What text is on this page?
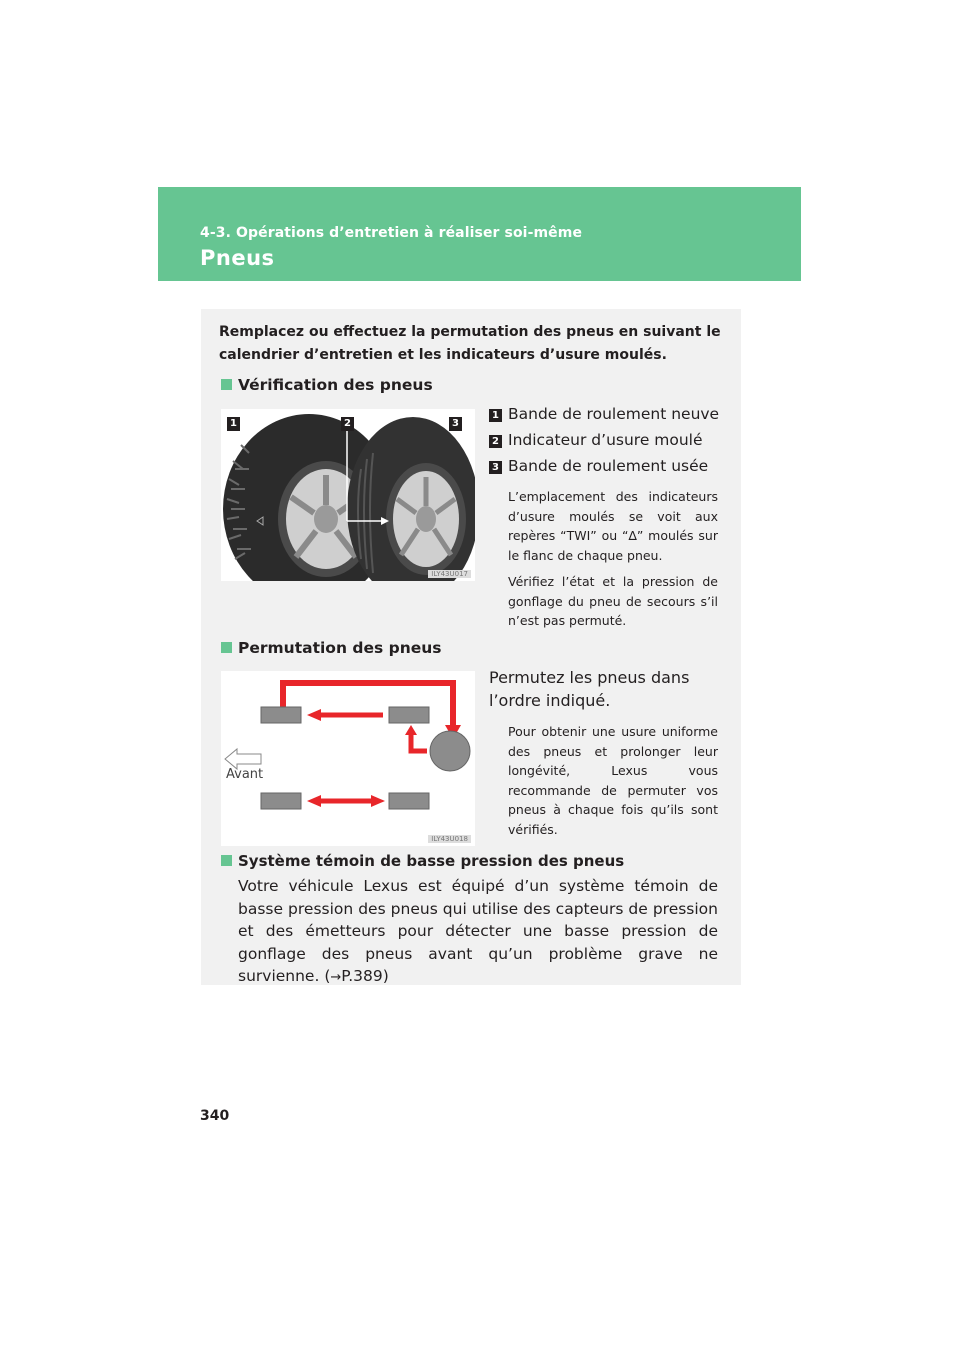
4-3. Opérations d’entretien à réaliser soi-même
Pneus
Remplacez ou effectuez la permutation des pneus en suivant le calendrier d’entretien et les indicateurs d’usure moulés.
Vérification des pneus
1	2	3
ILY43U017
1 Bande de roulement neuve
2 Indicateur d’usure moulé
3 Bande de roulement usée
L’emplacement des indicateurs d’usure moulés se voit aux repères “TWI” ou “∆” moulés sur le flanc de chaque pneu.
Vérifiez l’état et la pression de gonflage du pneu de secours s’il n’est pas permuté.
Permutation des pneus
Avant
ILY43U018
Permutez les pneus dans l’ordre indiqué.
Pour obtenir une usure uniforme des pneus et prolonger leur longévité, Lexus vous recommande de permuter vos pneus à chaque fois qu’ils sont vérifiés.
Système témoin de basse pression des pneus
Votre véhicule Lexus est équipé d’un système témoin de basse pression des pneus qui utilise des capteurs de pression et des émetteurs pour détecter une basse pression de gonflage des pneus avant qu’un problème grave ne survienne. (→P.389)
340
